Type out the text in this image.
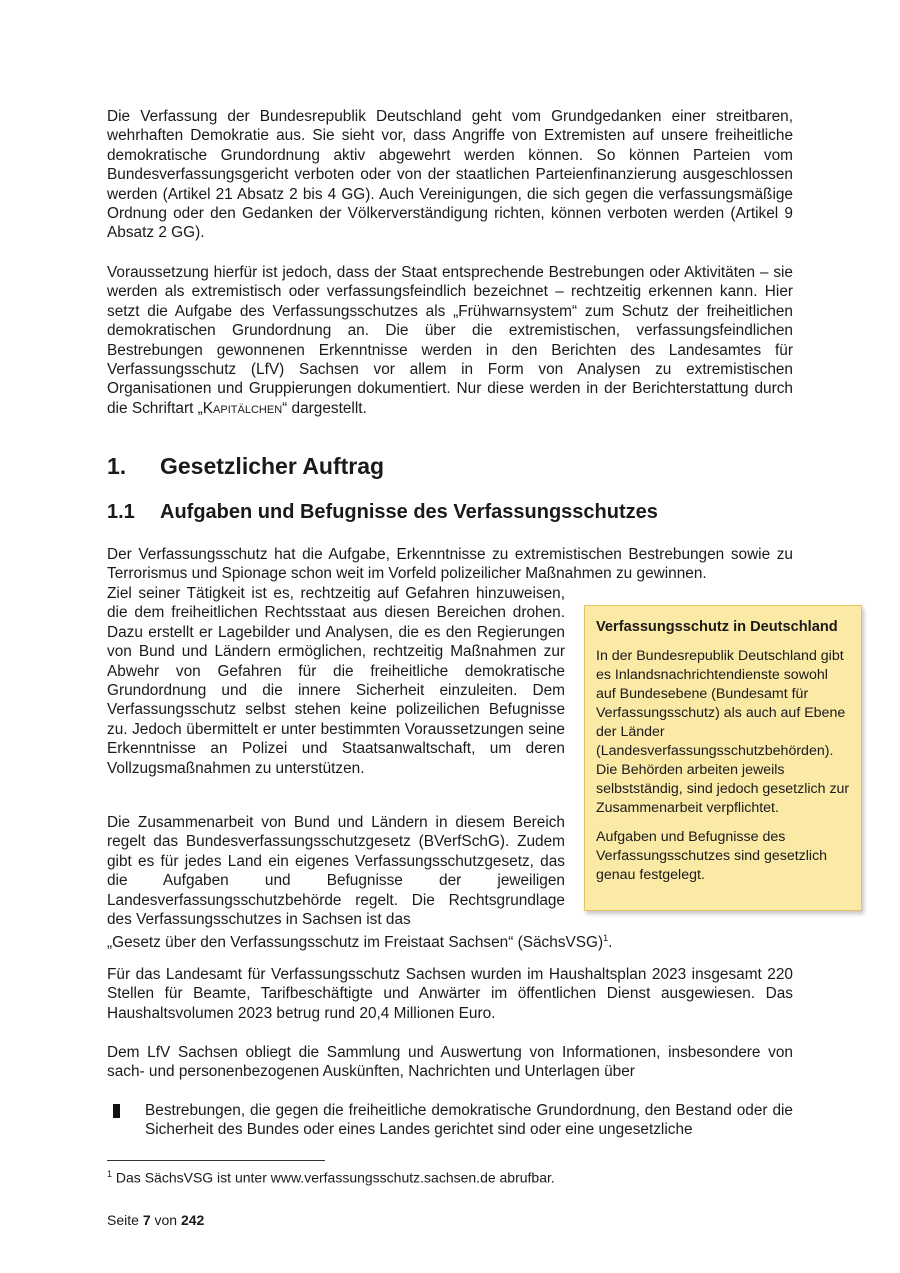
Die Verfassung der Bundesrepublik Deutschland geht vom Grundgedanken einer streitbaren, wehrhaften Demokratie aus. Sie sieht vor, dass Angriffe von Extremisten auf unsere freiheitliche demokratische Grundordnung aktiv abgewehrt werden können. So können Parteien vom Bundesverfassungsgericht verboten oder von der staatlichen Parteienfinanzierung ausgeschlossen werden (Artikel 21 Absatz 2 bis 4 GG). Auch Vereinigungen, die sich gegen die verfassungsmäßige Ordnung oder den Gedanken der Völkerverständigung richten, können verboten werden (Artikel 9 Absatz 2 GG).

Voraussetzung hierfür ist jedoch, dass der Staat entsprechende Bestrebungen oder Aktivitäten – sie werden als extremistisch oder verfassungsfeindlich bezeichnet – rechtzeitig erkennen kann. Hier setzt die Aufgabe des Verfassungsschutzes als „Frühwarnsystem“ zum Schutz der freiheitlichen demokratischen Grundordnung an. Die über die extremistischen, verfassungsfeindlichen Bestrebungen gewonnenen Erkenntnisse werden in den Berichten des Landesamtes für Verfassungsschutz (LfV) Sachsen vor allem in Form von Analysen zu extremistischen Organisationen und Gruppierungen dokumentiert. Nur diese werden in der Berichterstattung durch die Schriftart „Kapitälchen“ dargestellt.

1. Gesetzlicher Auftrag
1.1 Aufgaben und Befugnisse des Verfassungsschutzes

Der Verfassungsschutz hat die Aufgabe, Erkenntnisse zu extremistischen Bestrebungen sowie zu Terrorismus und Spionage schon weit im Vorfeld polizeilicher Maßnahmen zu gewinnen.

Ziel seiner Tätigkeit ist es, rechtzeitig auf Gefahren hinzuweisen, die dem freiheitlichen Rechtsstaat aus diesen Bereichen drohen. Dazu erstellt er Lagebilder und Analysen, die es den Regierungen von Bund und Ländern ermöglichen, rechtzeitig Maßnahmen zur Abwehr von Gefahren für die freiheitliche demokratische Grundordnung und die innere Sicherheit einzuleiten. Dem Verfassungsschutz selbst stehen keine polizeilichen Befugnisse zu. Jedoch übermittelt er unter bestimmten Voraussetzungen seine Erkenntnisse an Polizei und Staatsanwaltschaft, um deren Vollzugsmaßnahmen zu unterstützen.

Die Zusammenarbeit von Bund und Ländern in diesem Bereich regelt das Bundesverfassungsschutzgesetz (BVerfSchG). Zudem gibt es für jedes Land ein eigenes Verfassungsschutzgesetz, das die Aufgaben und Befugnisse der jeweiligen Landesverfassungsschutzbehörde regelt. Die Rechtsgrundlage des Verfassungsschutzes in Sachsen ist das

„Gesetz über den Verfassungsschutz im Freistaat Sachsen“ (SächsVSG)$^1$.

Für das Landesamt für Verfassungsschutz Sachsen wurden im Haushaltsplan 2023 insgesamt 220 Stellen für Beamte, Tarifbeschäftigte und Anwärter im öffentlichen Dienst ausgewiesen. Das Haushaltsvolumen 2023 betrug rund 20,4 Millionen Euro.

Dem LfV Sachsen obliegt die Sammlung und Auswertung von Informationen, insbesondere von sach- und personenbezogenen Auskünften, Nachrichten und Unterlagen über

Verfassungsschutz in Deutschland

In der Bundesrepublik Deutschland gibt es Inlandsnachrichtendienste sowohl auf Bundesebene (Bundesamt für Verfassungsschutz) als auch auf Ebene der Länder (Landesverfassungsschutzbehörden). Die Behörden arbeiten jeweils selbstständig, sind jedoch gesetzlich zur Zusammenarbeit verpflichtet.

Aufgaben und Befugnisse des Verfassungsschutzes sind gesetzlich genau festgelegt.

Bestrebungen, die gegen die freiheitliche demokratische Grundordnung, den Bestand oder die Sicherheit des Bundes oder eines Landes gerichtet sind oder eine ungesetzliche
$^1$ Das SächsVSG ist unter www.verfassungsschutz.sachsen.de abrufbar.
Seite 7 von 242
